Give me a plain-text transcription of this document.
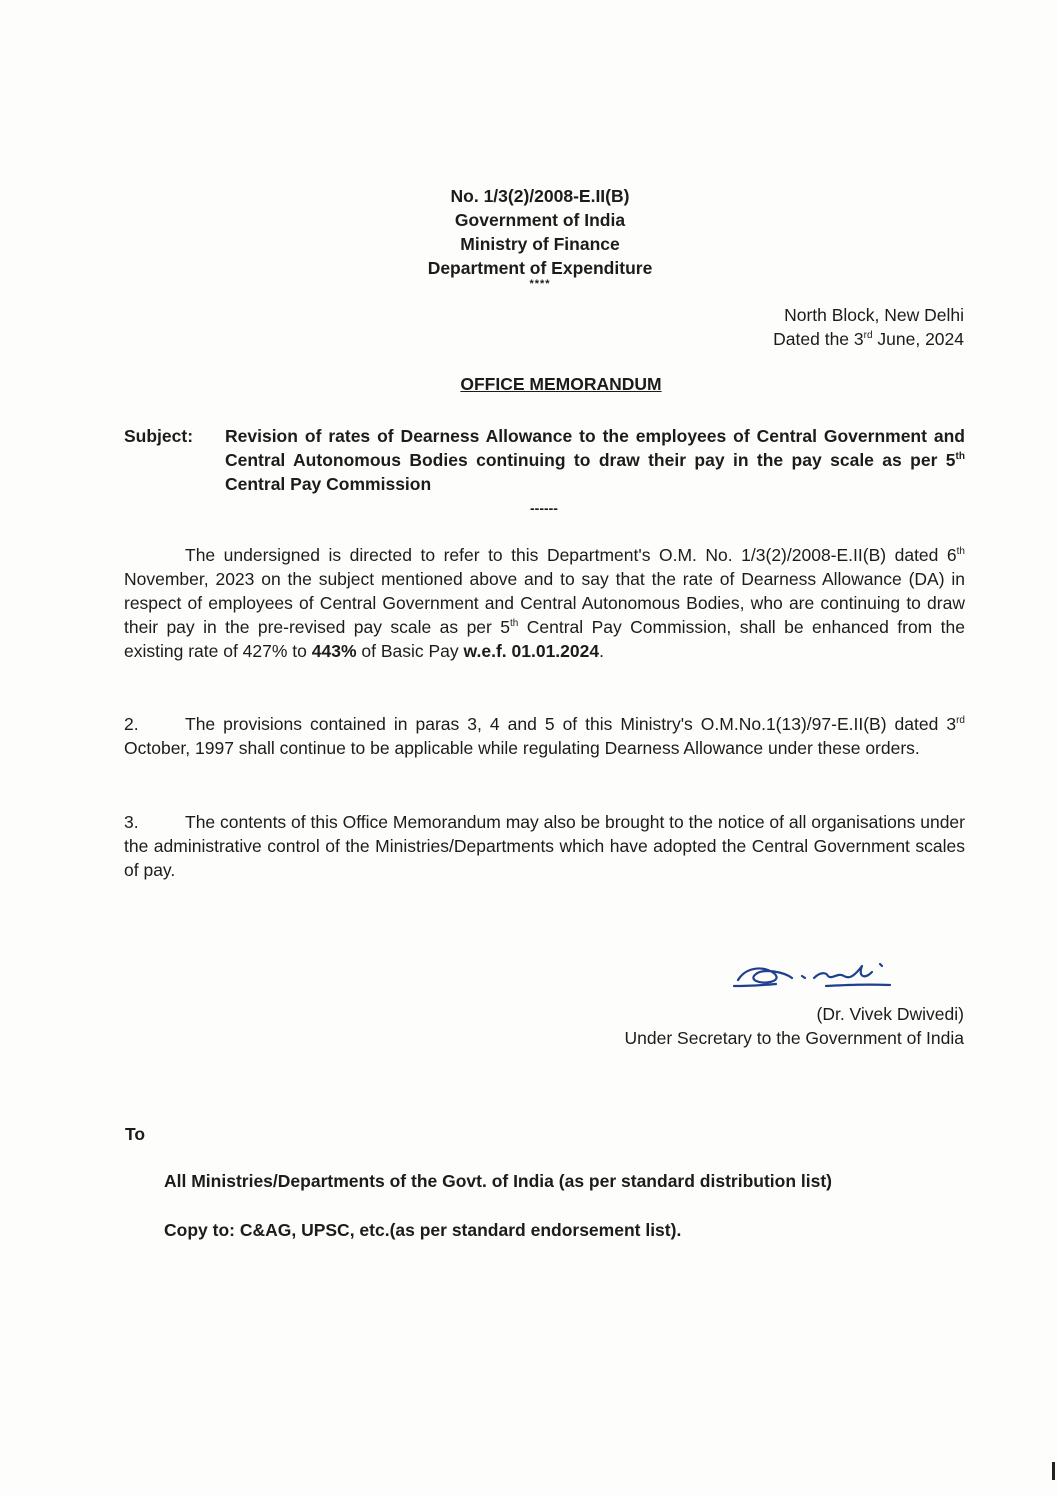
No. 1/3(2)/2008-E.II(B)
Government of India
Ministry of Finance
Department of Expenditure
****
North Block, New Delhi
Dated the 3rd June, 2024
OFFICE MEMORANDUM
Subject: Revision of rates of Dearness Allowance to the employees of Central Government and Central Autonomous Bodies continuing to draw their pay in the pay scale as per 5th Central Pay Commission
------
The undersigned is directed to refer to this Department's O.M. No. 1/3(2)/2008-E.II(B) dated 6th November, 2023 on the subject mentioned above and to say that the rate of Dearness Allowance (DA) in respect of employees of Central Government and Central Autonomous Bodies, who are continuing to draw their pay in the pre-revised pay scale as per 5th Central Pay Commission, shall be enhanced from the existing rate of 427% to 443% of Basic Pay w.e.f. 01.01.2024.
2.	The provisions contained in paras 3, 4 and 5 of this Ministry's O.M.No.1(13)/97-E.II(B) dated 3rd October, 1997 shall continue to be applicable while regulating Dearness Allowance under these orders.
3.	The contents of this Office Memorandum may also be brought to the notice of all organisations under the administrative control of the Ministries/Departments which have adopted the Central Government scales of pay.
(Dr. Vivek Dwivedi)
Under Secretary to the Government of India
To
All Ministries/Departments of the Govt. of India (as per standard distribution list)
Copy to: C&AG, UPSC, etc.(as per standard endorsement list).
